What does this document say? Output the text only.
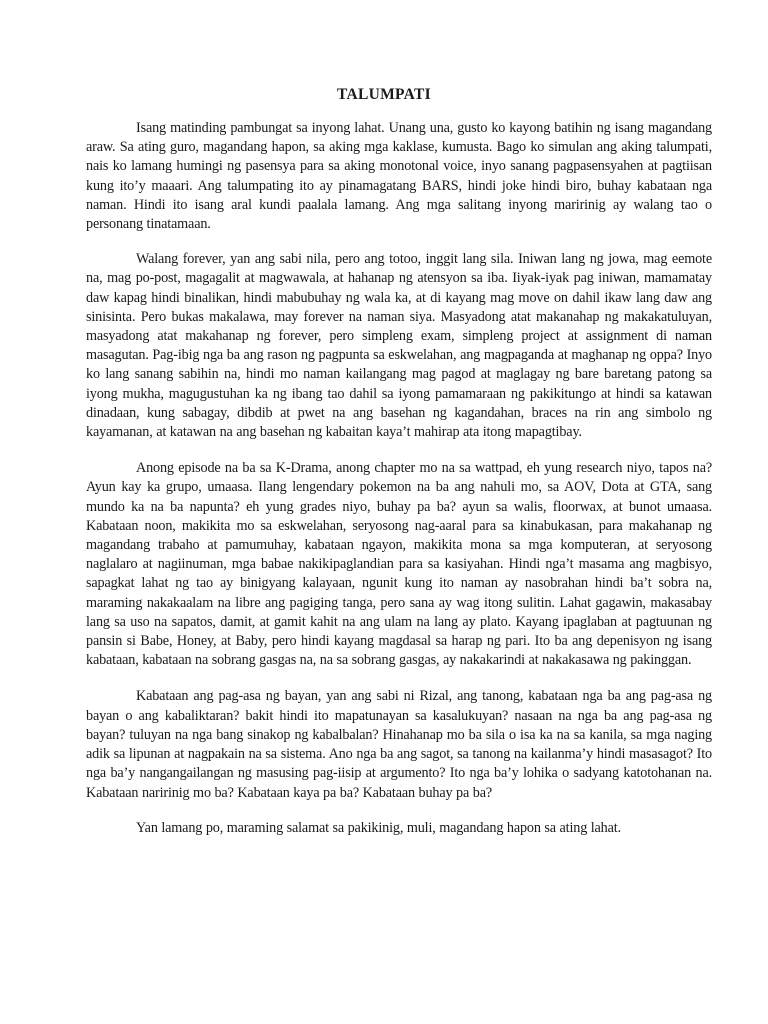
TALUMPATI

Isang matinding pambungat sa inyong lahat. Unang una, gusto ko kayong batihin ng isang magandang araw. Sa ating guro, magandang hapon, sa aking mga kaklase, kumusta. Bago ko simulan ang aking talumpati, nais ko lamang humingi ng pasensya para sa aking monotonal voice, inyo sanang pagpasensyahen at pagtiisan kung ito’y maaari. Ang talumpating ito ay pinamagatang BARS, hindi joke hindi biro, buhay kabataan nga naman. Hindi ito isang aral kundi paalala lamang. Ang mga salitang inyong maririnig ay walang tao o personang tinatamaan.

Walang forever, yan ang sabi nila, pero ang totoo, inggit lang sila. Iniwan lang ng jowa, mag eemote na, mag po-post, magagalit at magwawala, at hahanap ng atensyon sa iba. Iiyak-iyak pag iniwan, mamamatay daw kapag hindi binalikan, hindi mabubuhay ng wala ka, at di kayang mag move on dahil ikaw lang daw ang sinisinta. Pero bukas makalawa, may forever na naman siya. Masyadong atat makanahap ng makakatuluyan, masyadong atat makahanap ng forever, pero simpleng exam, simpleng project at assignment di naman masagutan. Pag-ibig nga ba ang rason ng pagpunta sa eskwelahan, ang magpaganda at maghanap ng oppa? Inyo ko lang sanang sabihin na, hindi mo naman kailangang mag pagod at maglagay ng bare baretang patong sa iyong mukha, magugustuhan ka ng ibang tao dahil sa iyong pamamaraan ng pakikitungo at hindi sa katawan dinadaan, kung sabagay, dibdib at pwet na ang basehan ng kagandahan, braces na rin ang simbolo ng kayamanan, at katawan na ang basehan ng kabaitan kaya’t mahirap ata itong mapagtibay.

Anong episode na ba sa K-Drama, anong chapter mo na sa wattpad, eh yung research niyo, tapos na? Ayun kay ka grupo, umaasa. Ilang lengendary pokemon na ba ang nahuli mo, sa AOV, Dota at GTA, sang mundo ka na ba napunta? eh yung grades niyo, buhay pa ba? ayun sa walis, floorwax, at bunot umaasa. Kabataan noon, makikita mo sa eskwelahan, seryosong nag-aaral para sa kinabukasan, para makahanap ng magandang trabaho at pamumuhay, kabataan ngayon, makikita mona sa mga komputeran, at seryosong naglalaro at nagiinuman, mga babae nakikipaglandian para sa kasiyahan. Hindi nga’t masama ang magbisyo, sapagkat lahat ng tao ay binigyang kalayaan, ngunit kung ito naman ay nasobrahan hindi ba’t sobra na, maraming nakakaalam na libre ang pagiging tanga, pero sana ay wag itong sulitin. Lahat gagawin, makasabay lang sa uso na sapatos, damit, at gamit kahit na ang ulam na lang ay plato. Kayang ipaglaban at pagtuunan ng pansin si Babe, Honey, at Baby, pero hindi kayang magdasal sa harap ng pari. Ito ba ang depenisyon ng isang kabataan, kabataan na sobrang gasgas na, na sa sobrang gasgas, ay nakakarindi at nakakasawa ng pakinggan.

Kabataan ang pag-asa ng bayan, yan ang sabi ni Rizal, ang tanong, kabataan nga ba ang pag-asa ng bayan o ang kabaliktaran? bakit hindi ito mapatunayan sa kasalukuyan? nasaan na nga ba ang pag-asa ng bayan? tuluyan na nga bang sinakop ng kabalbalan? Hinahanap mo ba sila o isa ka na sa kanila, sa mga naging adik sa lipunan at nagpakain na sa sistema. Ano nga ba ang sagot, sa tanong na kailanma’y hindi masasagot? Ito nga ba’y nangangailangan ng masusing pag-iisip at argumento? Ito nga ba’y lohika o sadyang katotohanan na. Kabataan naririnig mo ba? Kabataan kaya pa ba? Kabataan buhay pa ba?

Yan lamang po, maraming salamat sa pakikinig, muli, magandang hapon sa ating lahat.
